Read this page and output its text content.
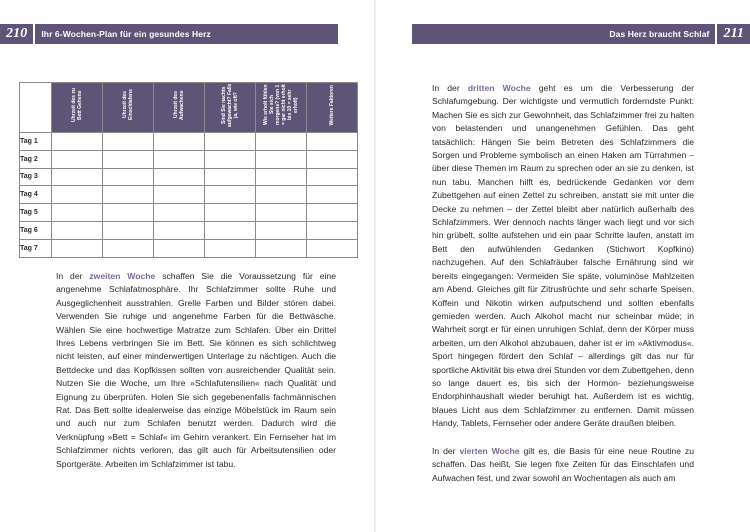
210	Ihr 6-Wochen-Plan für ein gesundes Herz	Das Herz braucht Schlaf	211
	Uhrzeit des zu Bett Gehens	Uhrzeit des Einschlafens	Uhrzeit des Aufwachens	Sind Sie nachts aufgewacht? Falls ja, wie oft?	Wie erholt fühlen Sie sich morgens? (von 1 = gar nicht erholt bis 10 = sehr erholt)	Weitere Faktoren
Tag 1						
Tag 2						
Tag 3						
Tag 4						
Tag 5						
Tag 6						
Tag 7						

In der zweiten Woche schaffen Sie die Voraussetzung für eine angenehme Schlafatmosphäre. Ihr Schlafzimmer sollte Ruhe und Ausgeglichenheit ausstrahlen. Grelle Farben und Bilder stören dabei. Verwenden Sie ruhige und angenehme Farben für die Bettwäsche. Wählen Sie eine hochwertige Matratze zum Schlafen. Über ein Drittel Ihres Lebens verbringen Sie im Bett. Sie können es sich schlichtweg nicht leisten, auf einer minderwertigen Unterlage zu nächtigen. Auch die Bettdecke und das Kopfkissen sollten von ausreichender Qualität sein. Nutzen Sie die Woche, um Ihre »Schlafutensilien« nach Qualität und Eignung zu überprüfen. Holen Sie sich gegebenenfalls fachmännischen Rat. Das Bett sollte idealerweise das einzige Möbelstück im Raum sein und auch nur zum Schlafen benutzt werden. Dadurch wird die Verknüpfung »Bett = Schlaf« im Gehirn verankert. Ein Fernseher hat im Schlafzimmer nichts verloren, das gilt auch für Arbeitsutensilien oder Sportgeräte. Arbeiten im Schlafzimmer ist tabu.

In der dritten Woche geht es um die Verbesserung der Schlafumgebung. Der wichtigste und vermutlich forderndste Punkt: Machen Sie es sich zur Gewohnheit, das Schlafzimmer frei zu halten von belastenden und unangenehmen Gefühlen. Das geht tatsächlich: Hängen Sie beim Betreten des Schlafzimmers die Sorgen und Probleme symbolisch an einen Haken am Türrahmen – über diese Themen im Raum zu sprechen oder an sie zu denken, ist nun tabu. Manchen hilft es, bedrückende Gedanken vor dem Zubettgehen auf einen Zettel zu schreiben, anstatt sie mit unter die Decke zu nehmen – der Zettel bleibt aber natürlich außerhalb des Schlafzimmers. Wer dennoch nachts länger wach liegt und vor sich hin grübelt, sollte aufstehen und ein paar Schritte laufen, anstatt im Bett den aufwühlenden Gedanken (Stichwort Kopfkino) nachzugehen. Auf den Schlafräuber falsche Ernährung sind wir bereits eingegangen: Vermeiden Sie späte, voluminöse Mahlzeiten am Abend. Gleiches gilt für Zitrusfrüchte und sehr scharfe Speisen. Koffein und Nikotin wirken aufputschend und sollten ebenfalls gemieden werden. Auch Alkohol macht nur scheinbar müde; in Wahrheit sorgt er für einen unruhigen Schlaf, denn der Körper muss arbeiten, um den Alkohol abzubauen, daher ist er im »Aktivmodus«. Sport hingegen fördert den Schlaf – allerdings gilt das nur für sportliche Aktivität bis etwa drei Stunden vor dem Zubettgehen, denn so lange dauert es, bis sich der Hormon- beziehungsweise Endorphinhaushalt wieder beruhigt hat. Außerdem ist es wichtig, blaues Licht aus dem Schlafzimmer zu entfernen. Damit müssen Handy, Tablets, Fernseher oder andere Geräte draußen bleiben.

In der vierten Woche gilt es, die Basis für eine neue Routine zu schaffen. Das heißt, Sie legen fixe Zeiten für das Einschlafen und Aufwachen fest, und zwar sowohl an Wochentagen als auch am
